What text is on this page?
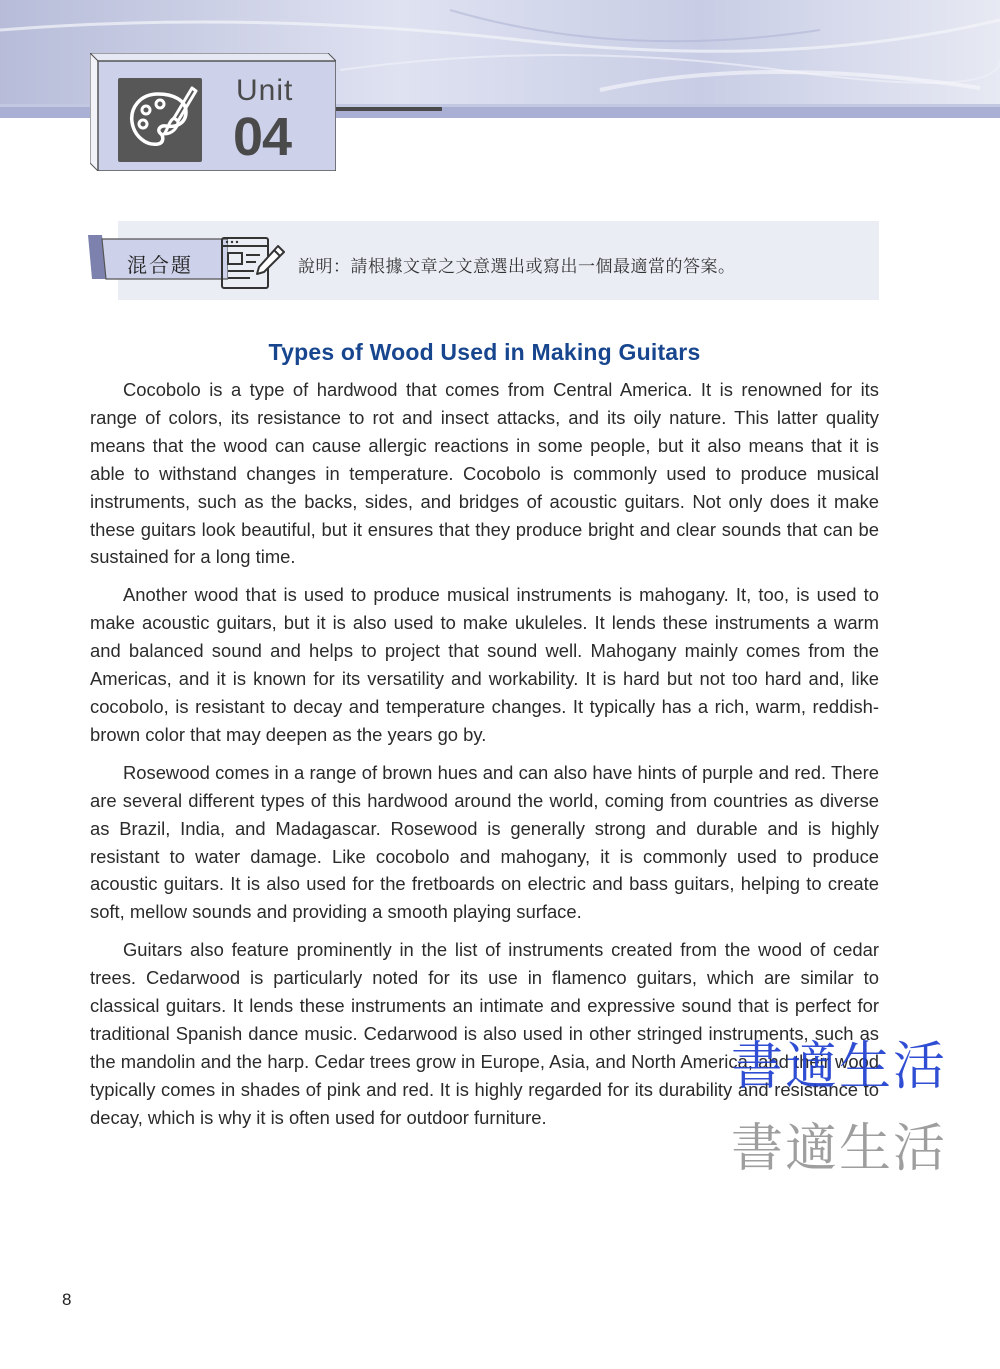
Unit
04
混合題	說明：請根據文章之文意選出或寫出一個最適當的答案。
Types of Wood Used in Making Guitars

Cocobolo is a type of hardwood that comes from Central America. It is renowned for its range of colors, its resistance to rot and insect attacks, and its oily nature. This latter quality means that the wood can cause allergic reactions in some people, but it also means that it is able to withstand changes in temperature. Cocobolo is commonly used to produce musical instruments, such as the backs, sides, and bridges of acoustic guitars. Not only does it make these guitars look beautiful, but it ensures that they produce bright and clear sounds that can be sustained for a long time.

Another wood that is used to produce musical instruments is mahogany. It, too, is used to make acoustic guitars, but it is also used to make ukuleles. It lends these instruments a warm and balanced sound and helps to project that sound well. Mahogany mainly comes from the Americas, and it is known for its versatility and workability. It is hard but not too hard and, like cocobolo, is resistant to decay and temperature changes. It typically has a rich, warm, reddish-brown color that may deepen as the years go by.

Rosewood comes in a range of brown hues and can also have hints of purple and red. There are several different types of this hardwood around the world, coming from countries as diverse as Brazil, India, and Madagascar. Rosewood is generally strong and durable and is highly resistant to water damage. Like cocobolo and mahogany, it is commonly used to produce acoustic guitars. It is also used for the fretboards on electric and bass guitars, helping to create soft, mellow sounds and providing a smooth playing surface.

Guitars also feature prominently in the list of instruments created from the wood of cedar trees. Cedarwood is particularly noted for its use in flamenco guitars, which are similar to classical guitars. It lends these instruments an intimate and expressive sound that is perfect for traditional Spanish dance music. Cedarwood is also used in other stringed instruments, such as the mandolin and the harp. Cedar trees grow in Europe, Asia, and North America, and their wood typically comes in shades of pink and red. It is highly regarded for its durability and resistance to decay, which is why it is often used for outdoor furniture.

8
書適生活
書適生活
